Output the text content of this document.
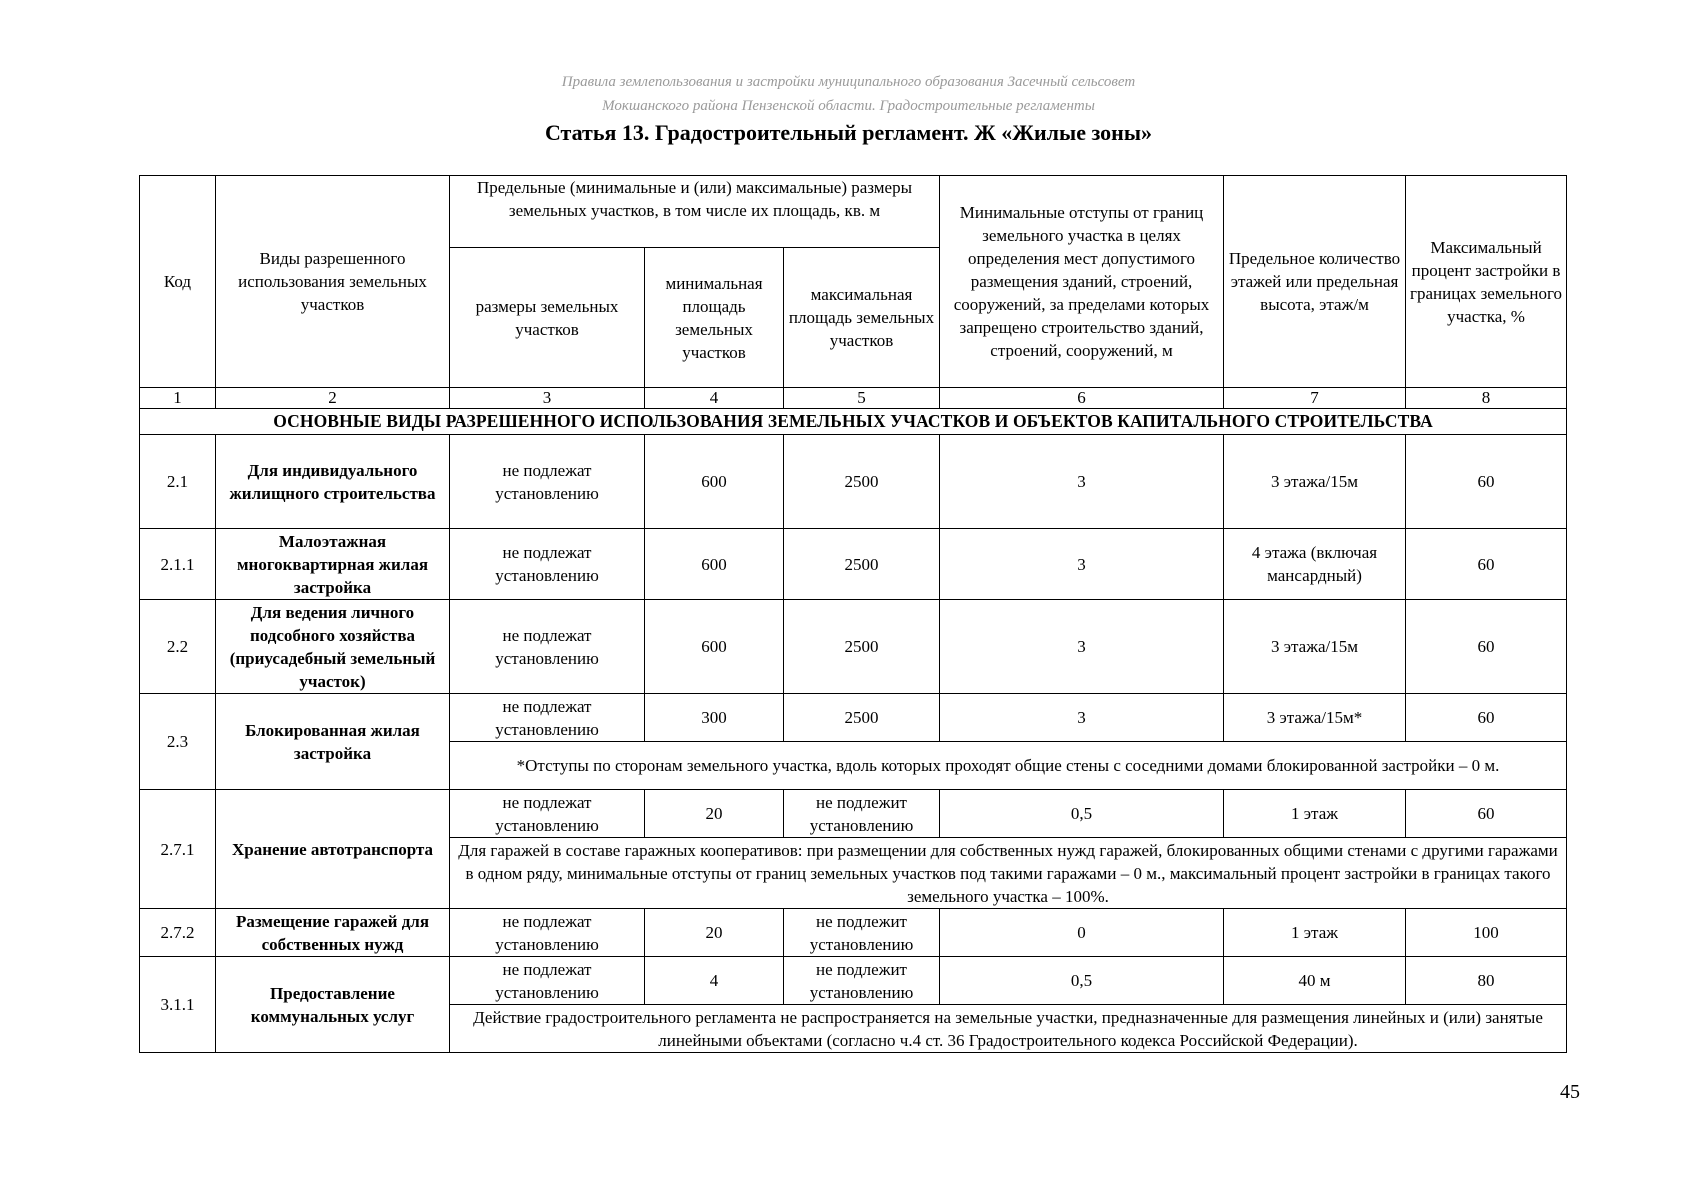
Правила землепользования и застройки муниципального образования Засечный сельсовет
Мокшанского района Пензенской области. Градостроительные регламенты
Статья 13. Градостроительный регламент. Ж «Жилые зоны»
Код	Виды разрешенного использования земельных участков	Предельные (минимальные и (или) максимальные) размеры земельных участков, в том числе их площадь, кв. м			Минимальные отступы от границ земельного участка в целях определения мест допустимого размещения зданий, строений, сооружений, за пределами которых запрещено строительство зданий, строений, сооружений, м	Предельное количество этажей или предельная высота, этаж/м	Максимальный процент застройки в границах земельного участка, %
		размеры земельных участков	минимальная площадь земельных участков	максимальная площадь земельных участков			
1	2	3	4	5	6	7	8
ОСНОВНЫЕ ВИДЫ РАЗРЕШЕННОГО ИСПОЛЬЗОВАНИЯ ЗЕМЕЛЬНЫХ УЧАСТКОВ И ОБЪЕКТОВ КАПИТАЛЬНОГО СТРОИТЕЛЬСТВА							
2.1	Для индивидуального жилищного строительства	не подлежат установлению	600	2500	3	3 этажа/15м	60
2.1.1	Малоэтажная многоквартирная жилая застройка	не подлежат установлению	600	2500	3	4 этажа (включая мансардный)	60
2.2	Для ведения личного подсобного хозяйства (приусадебный земельный участок)	не подлежат установлению	600	2500	3	3 этажа/15м	60
2.3	Блокированная жилая застройка	не подлежат установлению	300	2500	3	3 этажа/15м*	60
		*Отступы по сторонам земельного участка, вдоль которых проходят общие стены с соседними домами блокированной застройки – 0 м.					
2.7.1	Хранение автотранспорта	не подлежат установлению	20	не подлежит установлению	0,5	1 этаж	60
		Для гаражей в составе гаражных кооперативов: при размещении для собственных нужд гаражей, блокированных общими стенами с другими гаражами в одном ряду, минимальные отступы от границ земельных участков под такими гаражами – 0 м., максимальный процент застройки в границах такого земельного участка – 100%.					
2.7.2	Размещение гаражей для собственных нужд	не подлежат установлению	20	не подлежит установлению	0	1 этаж	100
3.1.1	Предоставление коммунальных услуг	не подлежат установлению	4	не подлежит установлению	0,5	40 м	80
		Действие градостроительного регламента не распространяется на земельные участки, предназначенные для размещения линейных и (или) занятые линейными объектами (согласно ч.4 ст. 36 Градостроительного кодекса Российской Федерации).					
45
